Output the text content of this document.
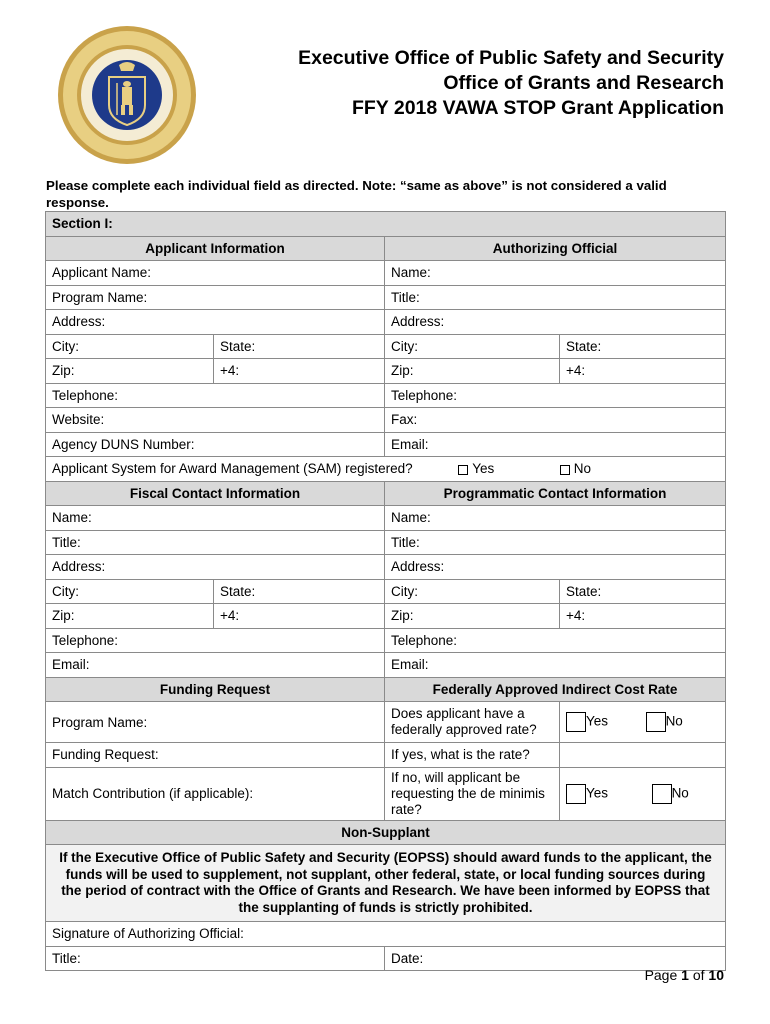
Executive Office of Public Safety and Security
Office of Grants and Research
FFY 2018 VAWA STOP Grant Application
Please complete each individual field as directed. Note: “same as above” is not considered a valid response.
Section I:			
Applicant Information		Authorizing Official	
Applicant Name:		Name:	
Program Name:		Title:	
Address:		Address:	
City:	State:	City:	State:
Zip:	+4:	Zip:	+4:
Telephone:		Telephone:	
Website:		Fax:	
Agency DUNS Number:		Email:	
Applicant System for Award Management (SAM) registered? Yes No			
Fiscal Contact Information		Programmatic Contact Information	
Name:		Name:	
Title:		Title:	
Address:		Address:	
City:	State:	City:	State:
Zip:	+4:	Zip:	+4:
Telephone:		Telephone:	
Email:		Email:	
Funding Request		Federally Approved Indirect Cost Rate	
Program Name:		Does applicant have a federally approved rate?	Yes No
Funding Request:		If yes, what is the rate?	
Match Contribution (if applicable):		If no, will applicant be requesting the de minimis rate?	Yes No
Non-Supplant			
If the Executive Office of Public Safety and Security (EOPSS) should award funds to the applicant, the funds will be used to supplement, not supplant, other federal, state, or local funding sources during the period of contract with the Office of Grants and Research. We have been informed by EOPSS that the supplanting of funds is strictly prohibited.			
Signature of Authorizing Official:			
Title:		Date:	
Page 1 of 10
